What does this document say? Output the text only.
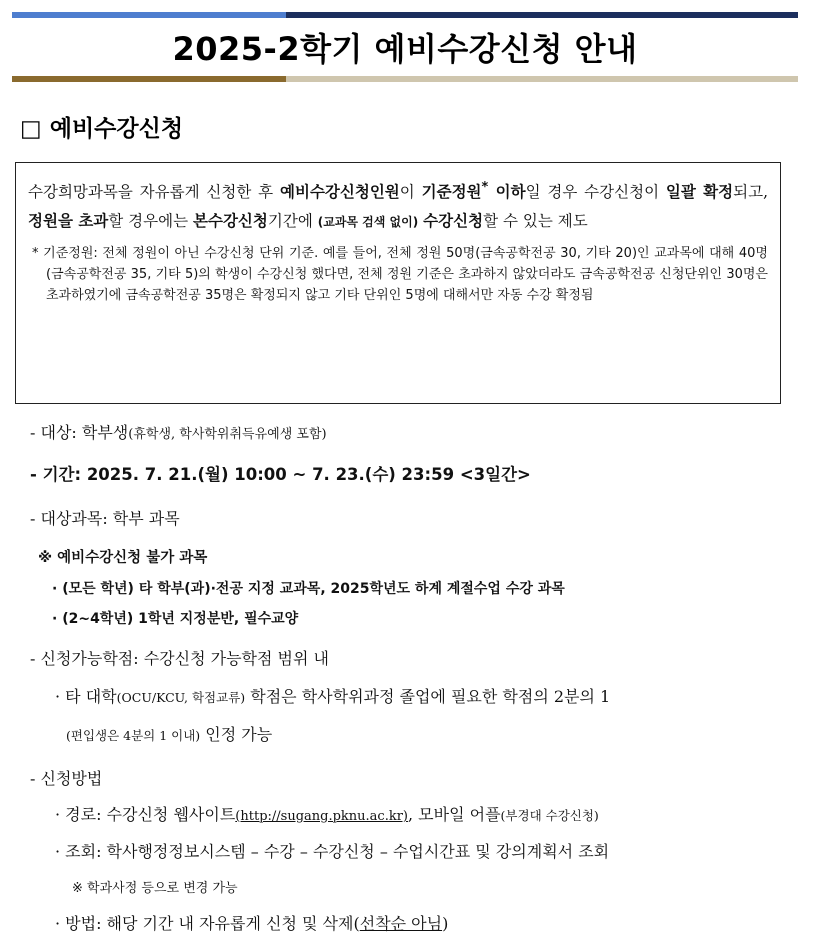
2025-2학기 예비수강신청 안내
□ 예비수강신청

수강희망과목을 자유롭게 신청한 후 예비수강신청인원이 기준정원* 이하일 경우 수강신청이 일괄 확정되고, 정원을 초과할 경우에는 본수강신청기간에 (교과목 검색 없이) 수강신청할 수 있는 제도

* 기준정원: 전체 정원이 아닌 수강신청 단위 기준. 예를 들어, 전체 정원 50명(금속공학전공 30, 기타 20)인 교과목에 대해 40명(금속공학전공 35, 기타 5)의 학생이 수강신청 했다면, 전체 정원 기준은 초과하지 않았더라도 금속공학전공 신청단위인 30명은 초과하였기에 금속공학전공 35명은 확정되지 않고 기타 단위인 5명에 대해서만 자동 수강 확정됨

- 대상: 학부생(휴학생, 학사학위취득유예생 포함)
- 기간: 2025. 7. 21.(월) 10:00 ~ 7. 23.(수) 23:59 <3일간>
- 대상과목: 학부 과목
※ 예비수강신청 불가 과목
· (모든 학년) 타 학부(과)·전공 지정 교과목, 2025학년도 하계 계절수업 수강 과목
· (2~4학년) 1학년 지정분반, 필수교양
- 신청가능학점: 수강신청 가능학점 범위 내
· 타 대학(OCU/KCU, 학점교류) 학점은 학사학위과정 졸업에 필요한 학점의 2분의 1
(편입생은 4분의 1 이내) 인정 가능
- 신청방법
· 경로: 수강신청 웹사이트(http://sugang.pknu.ac.kr), 모바일 어플(부경대 수강신청)
· 조회: 학사행정정보시스템 – 수강 – 수강신청 – 수업시간표 및 강의계획서 조회
※ 학과사정 등으로 변경 가능
· 방법: 해당 기간 내 자유롭게 신청 및 삭제(선착순 아님)
